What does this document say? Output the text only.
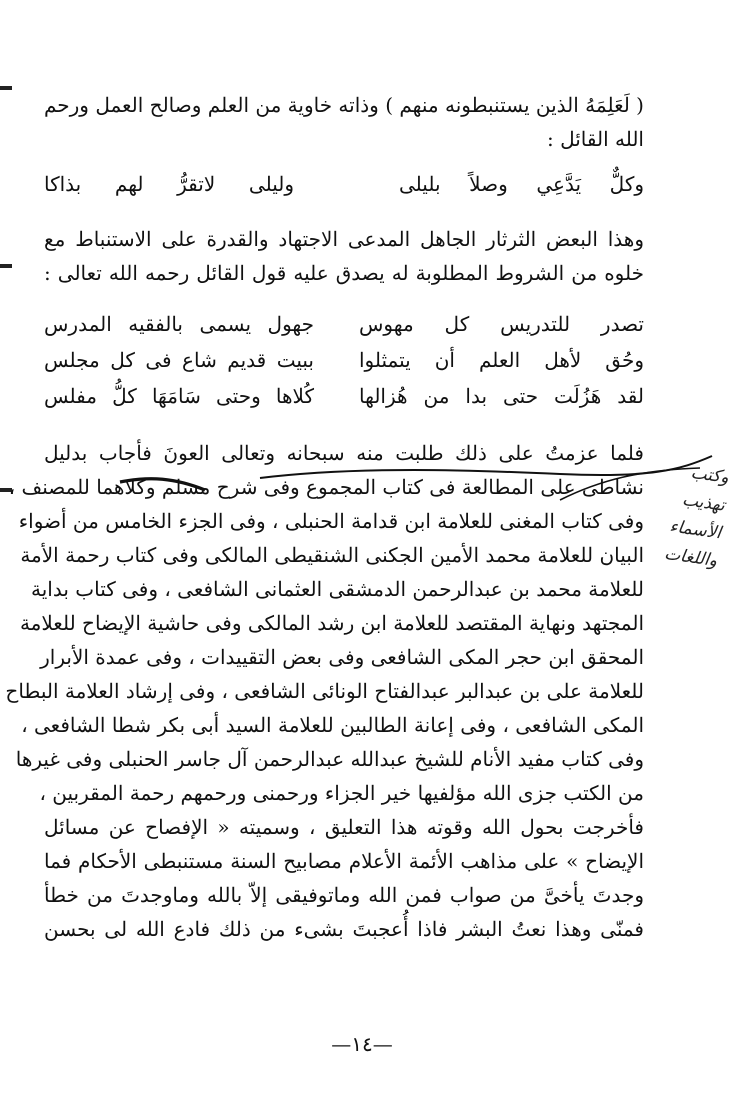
( لَعَلِمَهُ الذين يستنبطونه منهم ) وذاته خاوية من العلم وصالح العمل ورحم
الله القائل :
وكلٌّ يَدَّعِي وصلاً بليلى
وليلى لاتقرُّ لهم بذاكا
وهذا البعض الثرثار الجاهل المدعى الاجتهاد والقدرة على الاستنباط مع
خلوه من الشروط المطلوبة له يصدق عليه قول القائل رحمه الله تعالى :
تصدر للتدريس كل مهوس
جهول يسمى بالفقيه المدرس
وحُق لأهل العلم أن يتمثلوا
ببيت قديم شاع فى كل مجلس
لقد هَزُلَت حتى بدا من هُزالها
كُلاها وحتى سَامَهَا كلُّ مفلس
فلما عزمتُ على ذلك طلبت منه سبحانه وتعالى العونَ فأجاب بدليل
نشاطى على المطالعة فى كتاب المجموع وفى شرح مسلم وكلاهما للمصنف ،
وفى كتاب المغنى للعلامة ابن قدامة الحنبلى ، وفى الجزء الخامس من أضواء
البيان للعلامة محمد الأمين الجكنى الشنقيطى المالكى وفى كتاب رحمة الأمة
للعلامة محمد بن عبدالرحمن الدمشقى العثمانى الشافعى ، وفى كتاب بداية
المجتهد ونهاية المقتصد للعلامة ابن رشد المالكى وفى حاشية الإيضاح للعلامة
المحقق ابن حجر المكى الشافعى وفى بعض التقييدات ، وفى عمدة الأبرار
للعلامة على بن عبدالبر عبدالفتاح الونائى الشافعى ، وفى إرشاد العلامة البطاح
المكى الشافعى ، وفى إعانة الطالبين للعلامة السيد أبى بكر شطا الشافعى ،
وفى كتاب مفيد الأنام للشيخ عبدالله عبدالرحمن آل جاسر الحنبلى وفى غيرها
من الكتب جزى الله مؤلفيها خير الجزاء ورحمنى ورحمهم رحمة المقربين ،
فأخرجت بحول الله وقوته هذا التعليق ، وسميته « الإفصاح عن مسائل
الإيضاح » على مذاهب الأئمة الأعلام مصابيح السنة مستنبطى الأحكام فما
وجدتَ يأخىَّ من صواب فمن الله وماتوفيقى إلاّ بالله وماوجدتَ من خطأ
فمنّى وهذا نعتُ البشر فاذا أُعجبتَ بشىء من ذلك فادع الله لى بحسن
وكتب
تهذيب
الأسماء
واللغات
—١٤—
